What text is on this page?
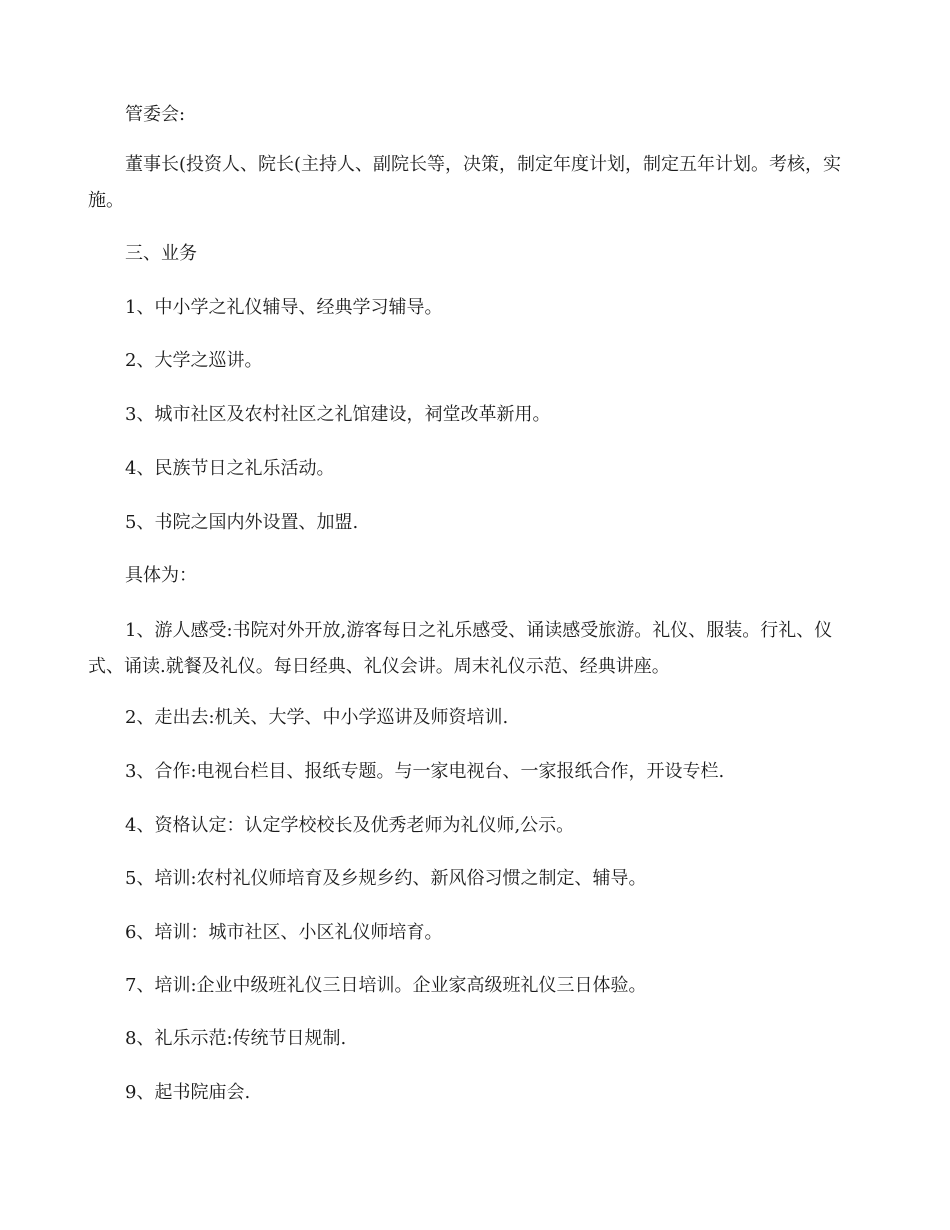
管委会:

董事长(投资人、院长(主持人、副院长等，决策，制定年度计划，制定五年计划。考核，实施。

三、业务

1、中小学之礼仪辅导、经典学习辅导。

2、大学之巡讲。

3、城市社区及农村社区之礼馆建设，祠堂改革新用。

4、民族节日之礼乐活动。

5、书院之国内外设置、加盟.

具体为：

1、游人感受:书院对外开放,游客每日之礼乐感受、诵读感受旅游。礼仪、服装。行礼、仪式、诵读.就餐及礼仪。每日经典、礼仪会讲。周末礼仪示范、经典讲座。

2、走出去:机关、大学、中小学巡讲及师资培训.

3、合作:电视台栏目、报纸专题。与一家电视台、一家报纸合作，开设专栏.

4、资格认定：认定学校校长及优秀老师为礼仪师,公示。

5、培训:农村礼仪师培育及乡规乡约、新风俗习惯之制定、辅导。

6、培训：城市社区、小区礼仪师培育。

7、培训:企业中级班礼仪三日培训。企业家高级班礼仪三日体验。

8、礼乐示范:传统节日规制.

9、起书院庙会.
